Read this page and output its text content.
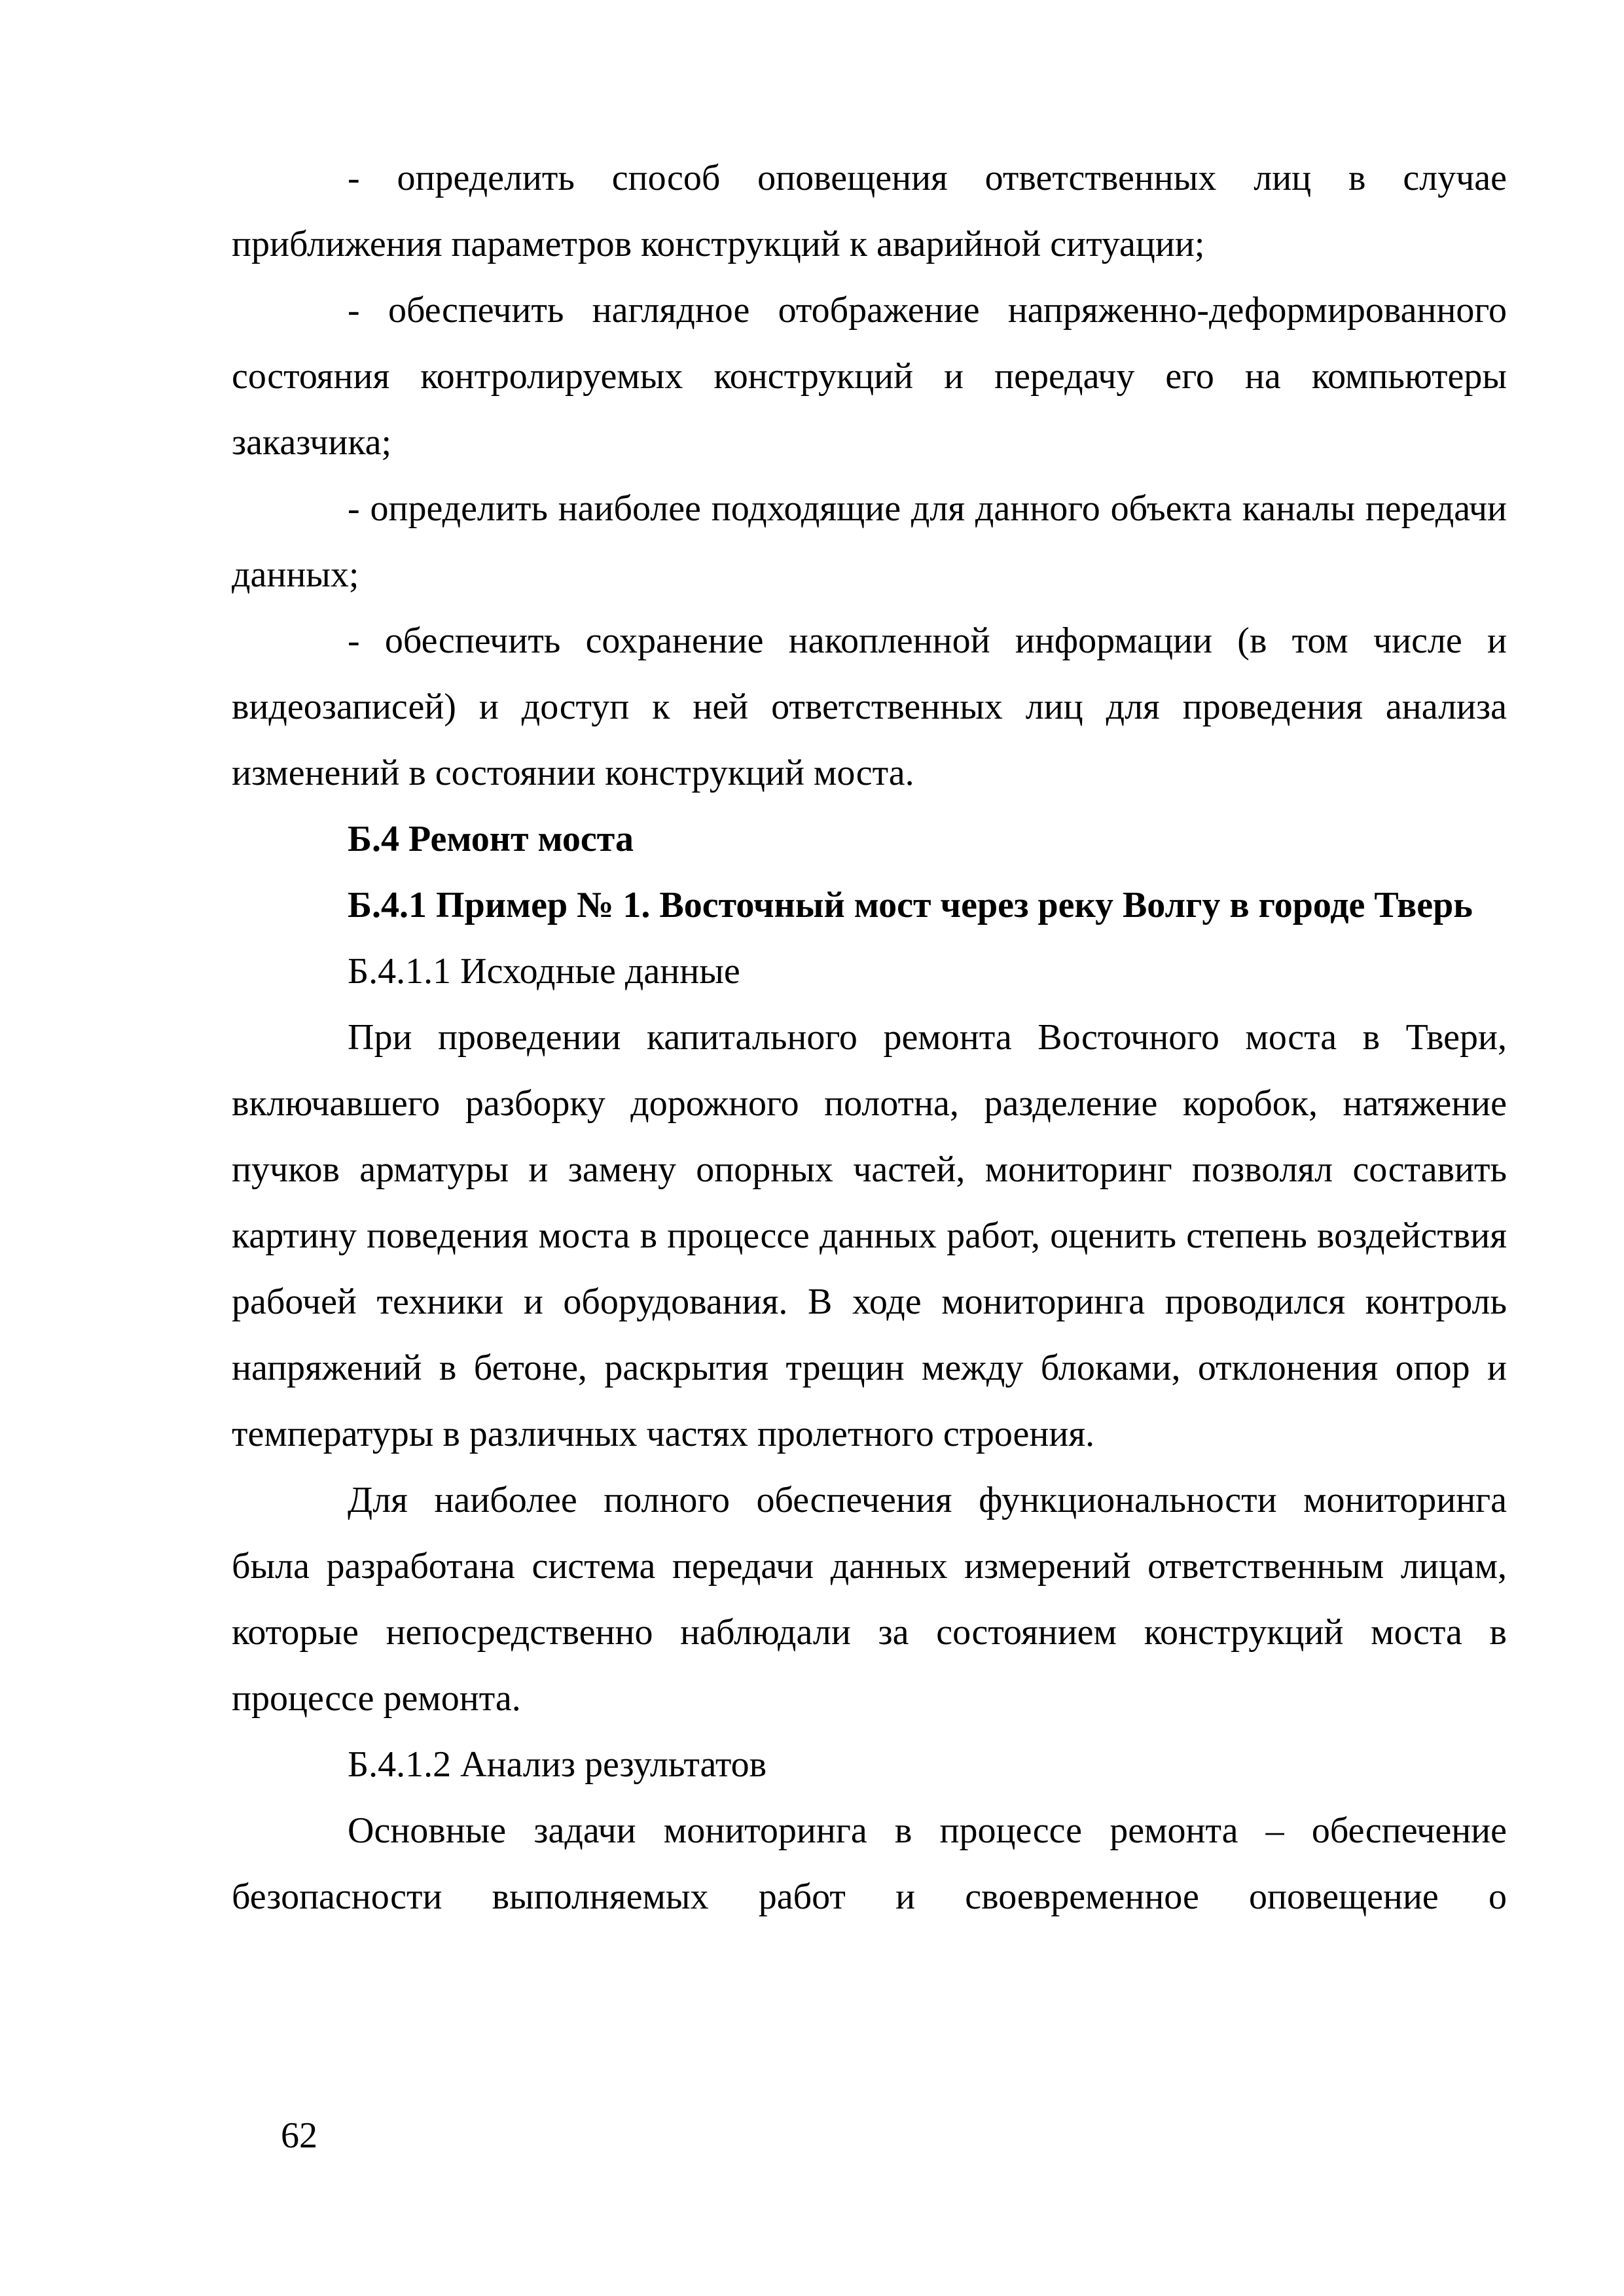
- определить способ оповещения ответственных лиц в случае приближения параметров конструкций к аварийной ситуации;

- обеспечить наглядное отображение напряженно-деформированного состояния контролируемых конструкций и передачу его на компьютеры заказчика;

- определить наиболее подходящие для данного объекта каналы передачи данных;

- обеспечить сохранение накопленной информации (в том числе и видеозаписей) и доступ к ней ответственных лиц для проведения анализа изменений в состоянии конструкций моста.

Б.4 Ремонт моста

Б.4.1 Пример № 1. Восточный мост через реку Волгу в городе Тверь

Б.4.1.1 Исходные данные

При проведении капитального ремонта Восточного моста в Твери, включавшего разборку дорожного полотна, разделение коробок, натяжение пучков арматуры и замену опорных частей, мониторинг позволял составить картину поведения моста в процессе данных работ, оценить степень воздействия рабочей техники и оборудования. В ходе мониторинга проводился контроль напряжений в бетоне, раскрытия трещин между блоками, отклонения опор и температуры в различных частях пролетного строения.

Для наиболее полного обеспечения функциональности мониторинга была разработана система передачи данных измерений ответственным лицам, которые непосредственно наблюдали за состоянием конструкций моста в процессе ремонта.

Б.4.1.2 Анализ результатов

Основные задачи мониторинга в процессе ремонта – обеспечение безопасности выполняемых работ и своевременное оповещение о

62
